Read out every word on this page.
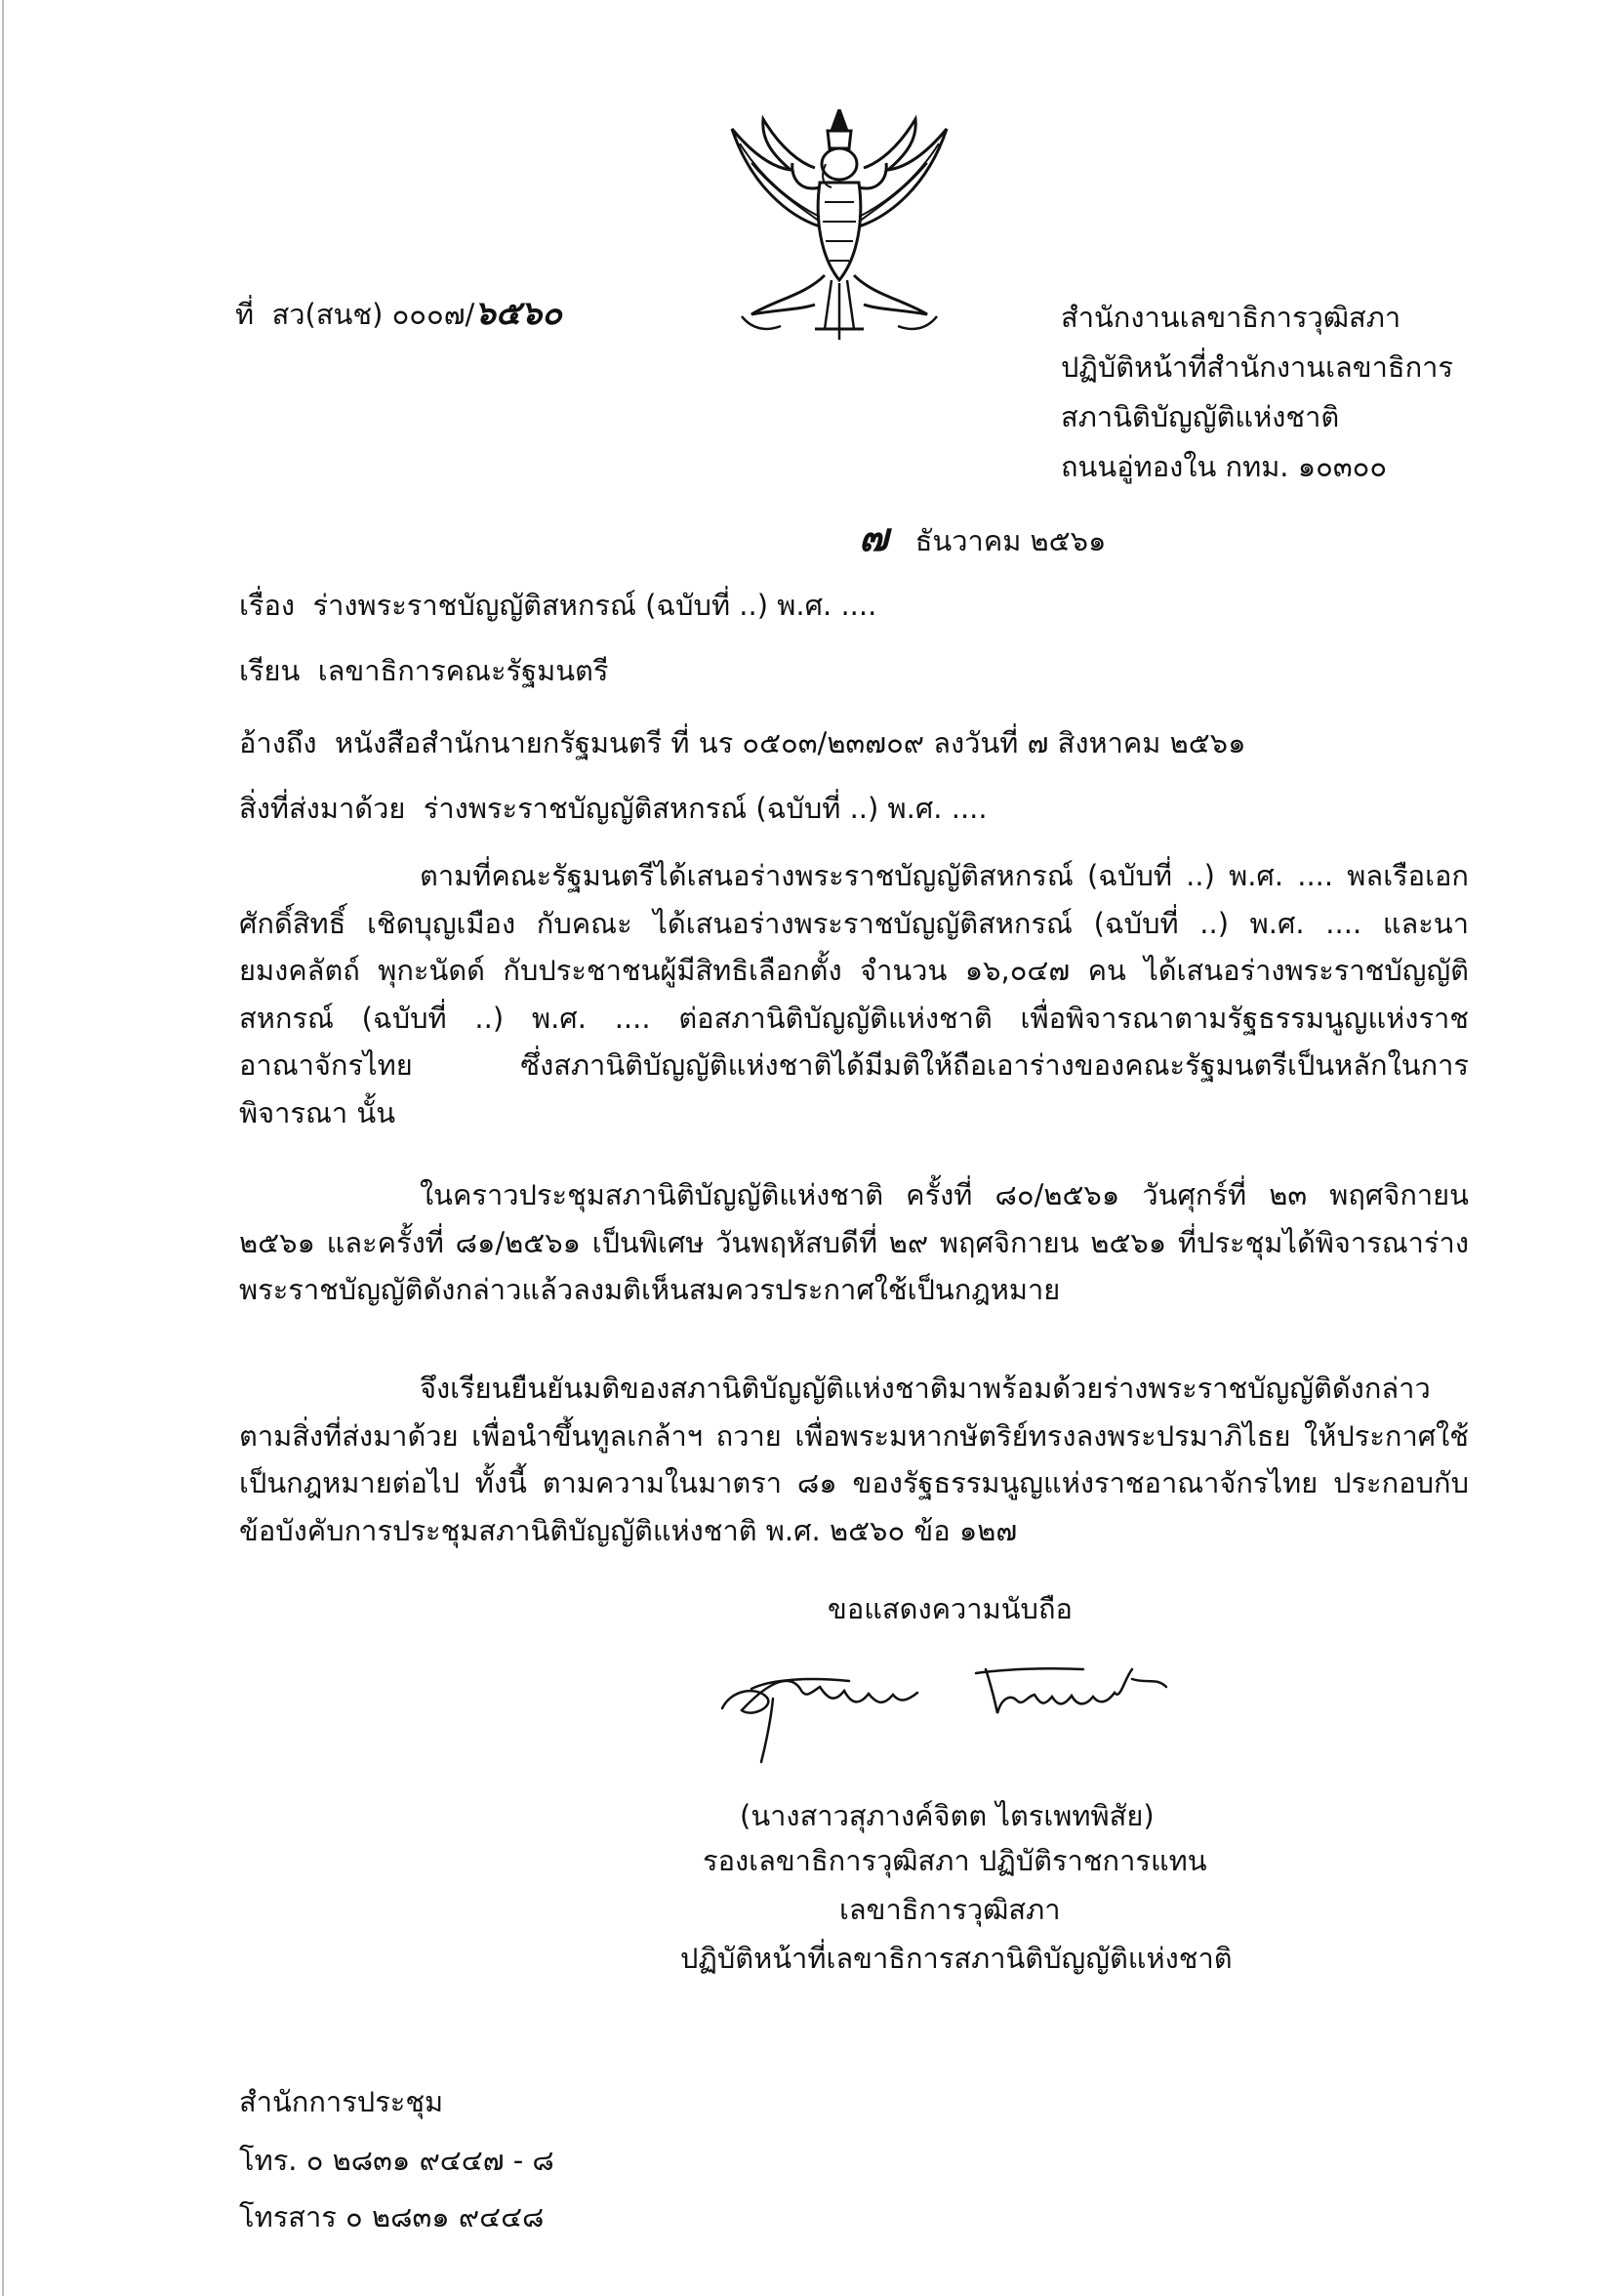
ที่ สว(สนช) ๐๐๐๗/๖๕๖๐	สำนักงานเลขาธิการวุฒิสภา
ปฏิบัติหน้าที่สำนักงานเลขาธิการ
สภานิติบัญญัติแห่งชาติ
ถนนอู่ทองใน กทม. ๑๐๓๐๐
๗ ธันวาคม ๒๕๖๑
เรื่อง ร่างพระราชบัญญัติสหกรณ์ (ฉบับที่ ..) พ.ศ. ....
เรียน เลขาธิการคณะรัฐมนตรี
อ้างถึง หนังสือสำนักนายกรัฐมนตรี ที่ นร ๐๕๐๓/๒๓๗๐๙ ลงวันที่ ๗ สิงหาคม ๒๕๖๑
สิ่งที่ส่งมาด้วย ร่างพระราชบัญญัติสหกรณ์ (ฉบับที่ ..) พ.ศ. ....
ตามที่คณะรัฐมนตรีได้เสนอร่างพระราชบัญญัติสหกรณ์ (ฉบับที่ ..) พ.ศ. .... พลเรือเอก ศักดิ์สิทธิ์ เชิดบุญเมือง กับคณะ ได้เสนอร่างพระราชบัญญัติสหกรณ์ (ฉบับที่ ..) พ.ศ. .... และนายมงคลัตถ์ พุกะนัดด์ กับประชาชนผู้มีสิทธิเลือกตั้ง จำนวน ๑๖,๐๔๗ คน ได้เสนอร่างพระราชบัญญัติสหกรณ์ (ฉบับที่ ..) พ.ศ. .... ต่อสภานิติบัญญัติแห่งชาติ เพื่อพิจารณาตามรัฐธรรมนูญแห่งราชอาณาจักรไทย ซึ่งสภานิติบัญญัติแห่งชาติได้มีมติให้ถือเอาร่างของคณะรัฐมนตรีเป็นหลักในการพิจารณา นั้น
ในคราวประชุมสภานิติบัญญัติแห่งชาติ ครั้งที่ ๘๐/๒๕๖๑ วันศุกร์ที่ ๒๓ พฤศจิกายน ๒๕๖๑ และครั้งที่ ๘๑/๒๕๖๑ เป็นพิเศษ วันพฤหัสบดีที่ ๒๙ พฤศจิกายน ๒๕๖๑ ที่ประชุมได้พิจารณาร่างพระราชบัญญัติดังกล่าวแล้วลงมติเห็นสมควรประกาศใช้เป็นกฎหมาย
จึงเรียนยืนยันมติของสภานิติบัญญัติแห่งชาติมาพร้อมด้วยร่างพระราชบัญญัติดังกล่าวตามสิ่งที่ส่งมาด้วย เพื่อนำขึ้นทูลเกล้าฯ ถวาย เพื่อพระมหากษัตริย์ทรงลงพระปรมาภิไธย ให้ประกาศใช้เป็นกฎหมายต่อไป ทั้งนี้ ตามความในมาตรา ๘๑ ของรัฐธรรมนูญแห่งราชอาณาจักรไทย ประกอบกับข้อบังคับการประชุมสภานิติบัญญัติแห่งชาติ พ.ศ. ๒๕๖๐ ข้อ ๑๒๗
ขอแสดงความนับถือ
(นางสาวสุภางค์จิตต ไตรเพทพิสัย)
รองเลขาธิการวุฒิสภา ปฏิบัติราชการแทน
เลขาธิการวุฒิสภา
ปฏิบัติหน้าที่เลขาธิการสภานิติบัญญัติแห่งชาติ
สำนักการประชุม
โทร. ๐ ๒๘๓๑ ๙๔๔๗ - ๘
โทรสาร ๐ ๒๘๓๑ ๙๔๔๘
